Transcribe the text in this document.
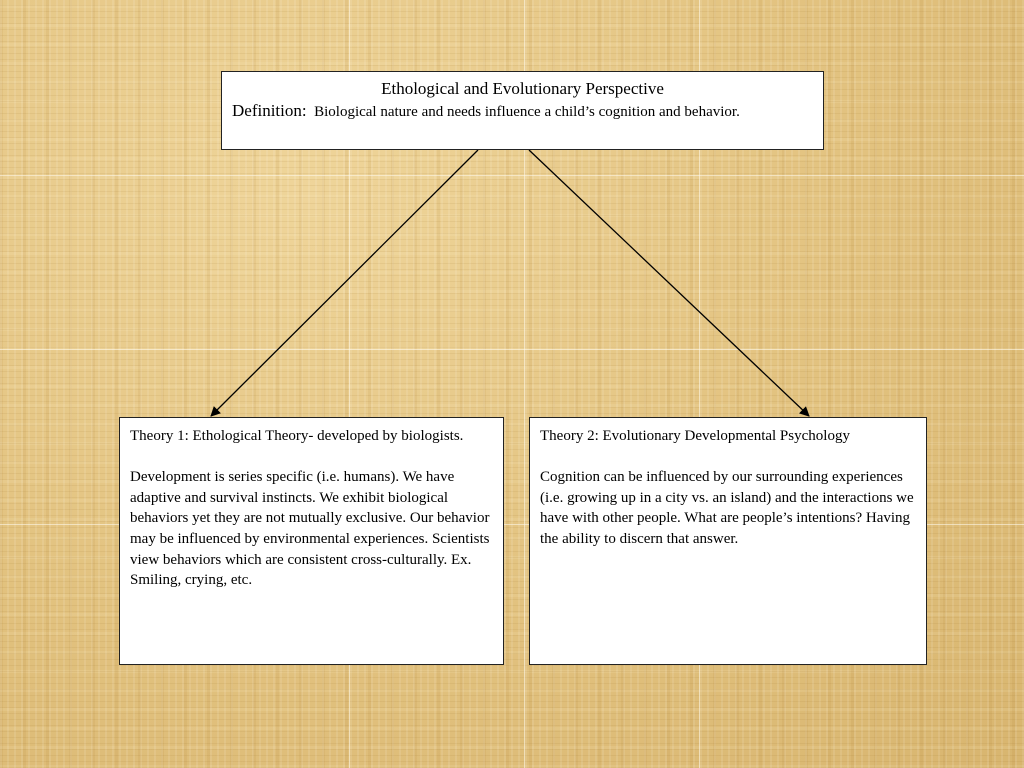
Ethological and Evolutionary Perspective
Definition: Biological nature and needs influence a child’s cognition and behavior.
Theory 1: Ethological Theory- developed by biologists.
Development is series specific (i.e. humans). We have adaptive and survival instincts. We exhibit biological behaviors yet they are not mutually exclusive. Our behavior may be influenced by environmental experiences. Scientists view behaviors which are consistent cross-culturally. Ex. Smiling, crying, etc.
Theory 2: Evolutionary Developmental Psychology
Cognition can be influenced by our surrounding experiences (i.e. growing up in a city vs. an island) and the interactions we have with other people. What are people’s intentions? Having the ability to discern that answer.
